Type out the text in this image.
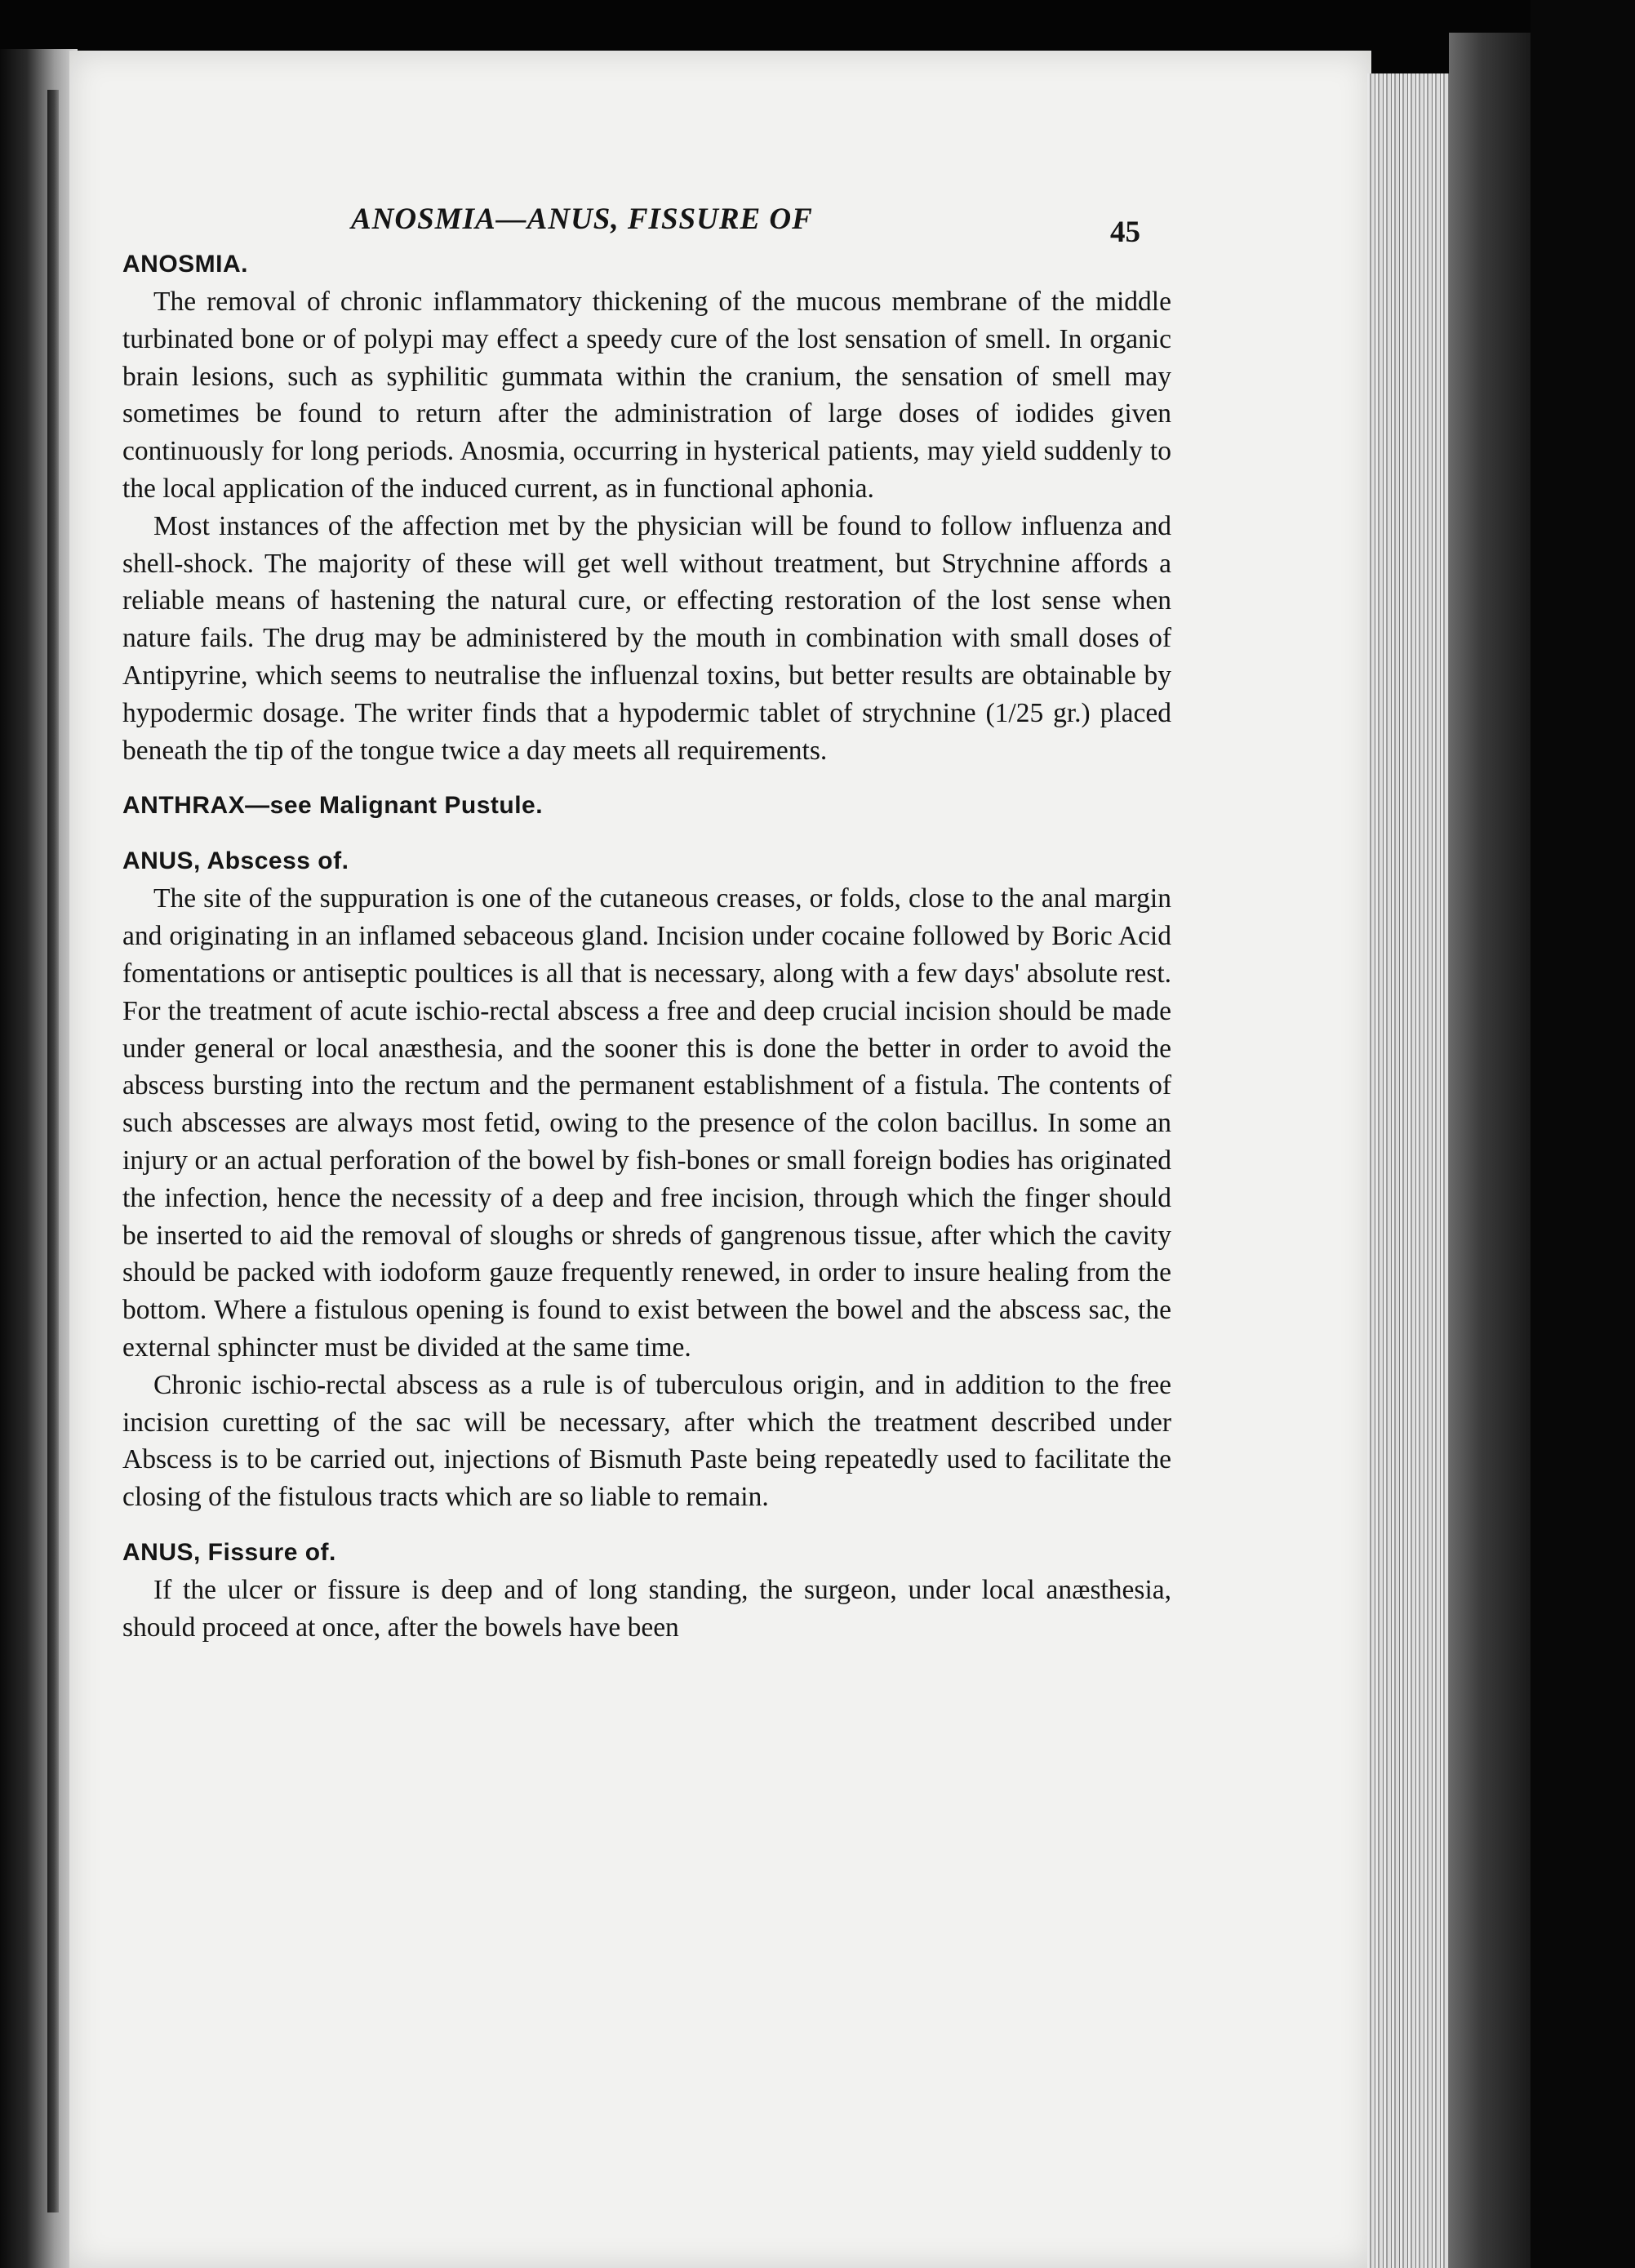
ANOSMIA—ANUS, FISSURE OF	45
ANOSMIA.

The removal of chronic inflammatory thickening of the mucous membrane of the middle turbinated bone or of polypi may effect a speedy cure of the lost sensation of smell. In organic brain lesions, such as syphilitic gummata within the cranium, the sensation of smell may sometimes be found to return after the administration of large doses of iodides given continuously for long periods. Anosmia, occurring in hysterical patients, may yield suddenly to the local application of the induced current, as in functional aphonia.

Most instances of the affection met by the physician will be found to follow influenza and shell-shock. The majority of these will get well without treatment, but Strychnine affords a reliable means of hastening the natural cure, or effecting restoration of the lost sense when nature fails. The drug may be administered by the mouth in combination with small doses of Antipyrine, which seems to neutralise the influenzal toxins, but better results are obtainable by hypodermic dosage. The writer finds that a hypodermic tablet of strychnine (1/25 gr.) placed beneath the tip of the tongue twice a day meets all requirements.

ANTHRAX—see Malignant Pustule.
ANUS, Abscess of.

The site of the suppuration is one of the cutaneous creases, or folds, close to the anal margin and originating in an inflamed sebaceous gland. Incision under cocaine followed by Boric Acid fomentations or antiseptic poultices is all that is necessary, along with a few days' absolute rest. For the treatment of acute ischio-rectal abscess a free and deep crucial incision should be made under general or local anæsthesia, and the sooner this is done the better in order to avoid the abscess bursting into the rectum and the permanent establishment of a fistula. The contents of such abscesses are always most fetid, owing to the presence of the colon bacillus. In some an injury or an actual perforation of the bowel by fish-bones or small foreign bodies has originated the infection, hence the necessity of a deep and free incision, through which the finger should be inserted to aid the removal of sloughs or shreds of gangrenous tissue, after which the cavity should be packed with iodoform gauze frequently renewed, in order to insure healing from the bottom. Where a fistulous opening is found to exist between the bowel and the abscess sac, the external sphincter must be divided at the same time.

Chronic ischio-rectal abscess as a rule is of tuberculous origin, and in addition to the free incision curetting of the sac will be necessary, after which the treatment described under Abscess is to be carried out, injections of Bismuth Paste being repeatedly used to facilitate the closing of the fistulous tracts which are so liable to remain.

ANUS, Fissure of.

If the ulcer or fissure is deep and of long standing, the surgeon, under local anæsthesia, should proceed at once, after the bowels have been
